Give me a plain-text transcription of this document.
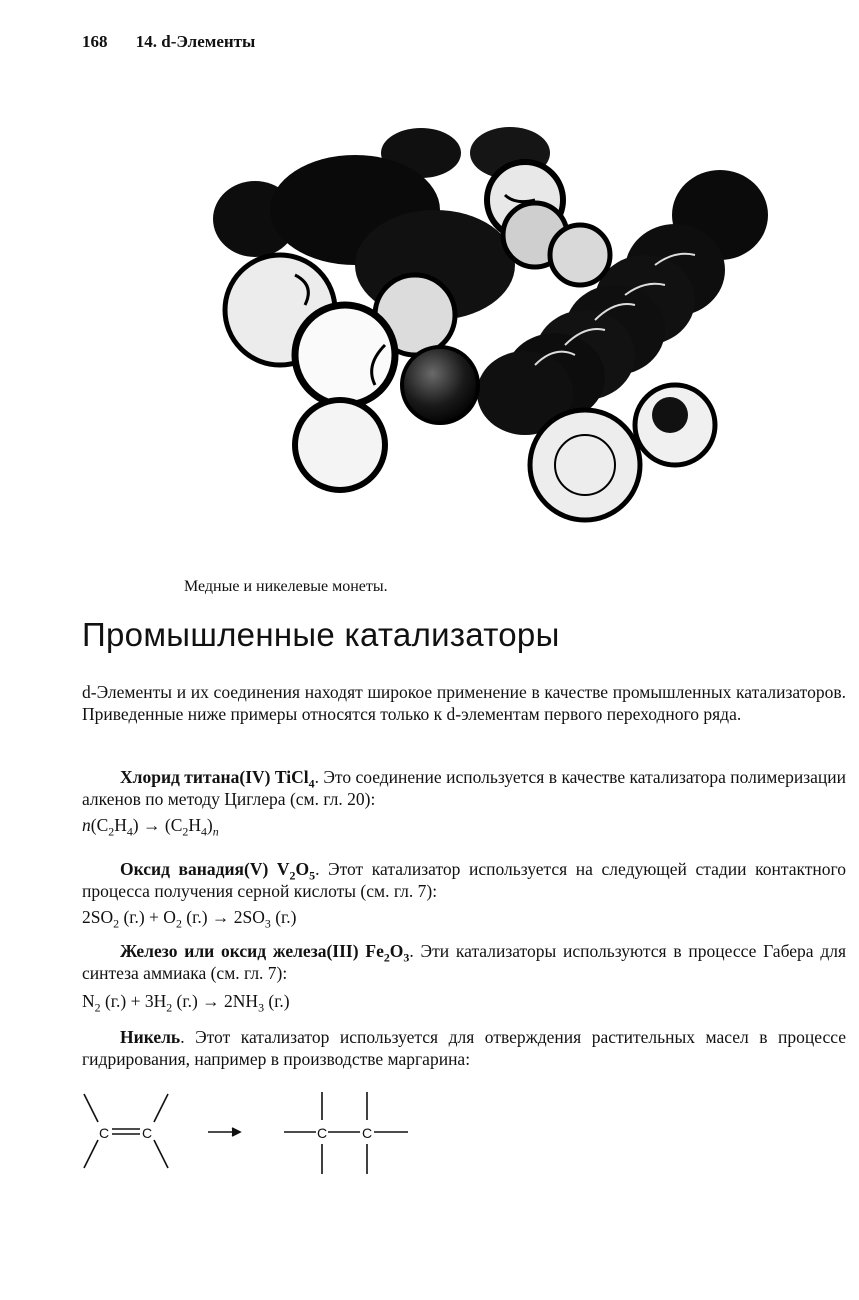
168 14. d-Элементы
Медные и никелевые монеты.
Промышленные катализаторы
d-Элементы и их соединения находят широкое применение в качестве промышленных катализаторов. Приведенные ниже примеры относятся только к d-элементам первого переходного ряда.
Хлорид титана(IV) TiCl$_4$. Это соединение используется в качестве катализатора полимеризации алкенов по методу Циглера (см. гл. 20):
$n(C_2H_4) \to (C_2H_4)_n$
Оксид ванадия(V) $V_2O_5$. Этот катализатор используется на следующей стадии контактного процесса получения серной кислоты (см. гл. 7):
$2SO_2$ $(г.) + O_2$ $(г.) \to 2SO_3$ (г.)
Железо или оксид железа(III) $Fe_2O_3$. Эти катализаторы используются в процессе Габера для синтеза аммиака (см. гл. 7):
$N_2$ $(г.) + 3H_2$ $(г.) \to 2NH_3$ (г.)
Никель. Этот катализатор используется для отверждения растительных масел в процессе гидрирования, например в производстве маргарина:
C C	C C
